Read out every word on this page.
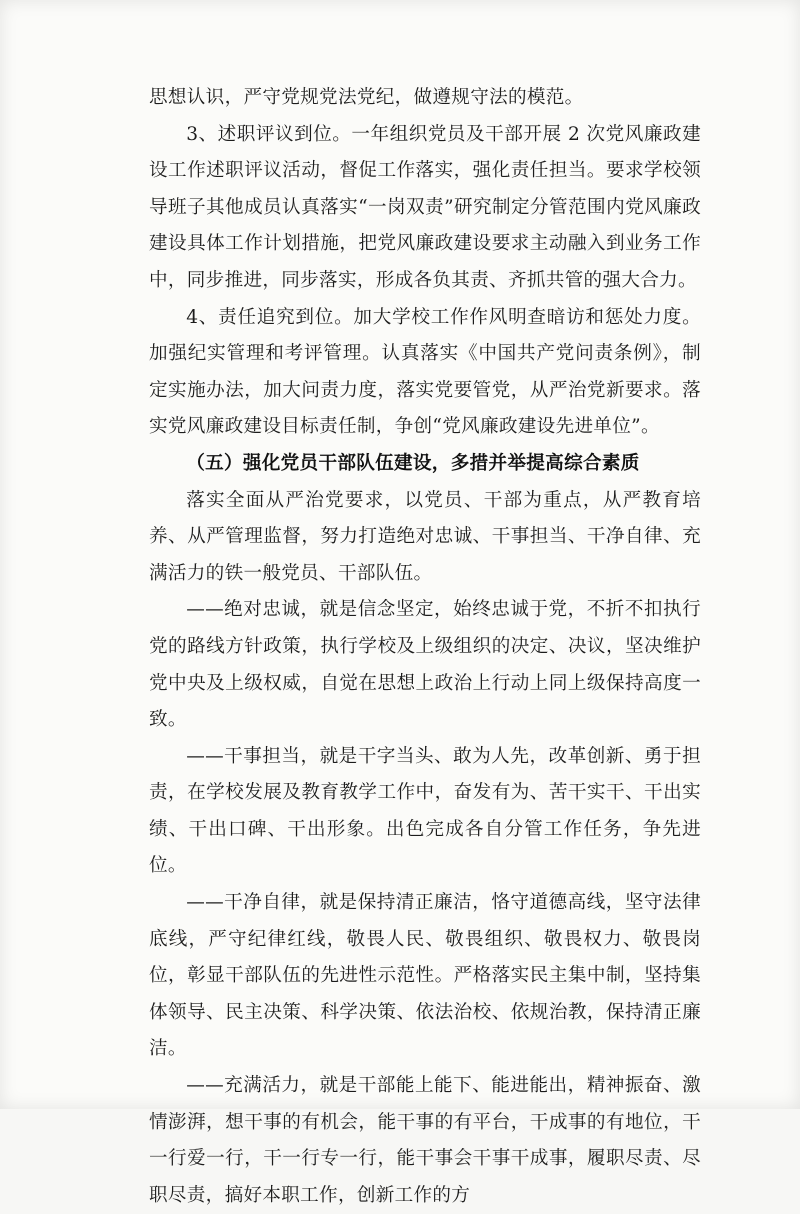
思想认识，严守党规党法党纪，做遵规守法的模范。

3、述职评议到位。一年组织党员及干部开展 2 次党风廉政建设工作述职评议活动，督促工作落实，强化责任担当。要求学校领导班子其他成员认真落实“一岗双责”研究制定分管范围内党风廉政建设具体工作计划措施，把党风廉政建设要求主动融入到业务工作中，同步推进，同步落实，形成各负其责、齐抓共管的强大合力。

4、责任追究到位。加大学校工作作风明查暗访和惩处力度。加强纪实管理和考评管理。认真落实《中国共产党问责条例》，制定实施办法，加大问责力度，落实党要管党，从严治党新要求。落实党风廉政建设目标责任制，争创“党风廉政建设先进单位”。

（五）强化党员干部队伍建设，多措并举提高综合素质

落实全面从严治党要求，以党员、干部为重点，从严教育培养、从严管理监督，努力打造绝对忠诚、干事担当、干净自律、充满活力的铁一般党员、干部队伍。

——绝对忠诚，就是信念坚定，始终忠诚于党，不折不扣执行党的路线方针政策，执行学校及上级组织的决定、决议，坚决维护党中央及上级权威，自觉在思想上政治上行动上同上级保持高度一致。

——干事担当，就是干字当头、敢为人先，改革创新、勇于担责，在学校发展及教育教学工作中，奋发有为、苦干实干、干出实绩、干出口碑、干出形象。出色完成各自分管工作任务，争先进位。

——干净自律，就是保持清正廉洁，恪守道德高线，坚守法律底线，严守纪律红线，敬畏人民、敬畏组织、敬畏权力、敬畏岗位，彰显干部队伍的先进性示范性。严格落实民主集中制，坚持集体领导、民主决策、科学决策、依法治校、依规治教，保持清正廉洁。

——充满活力，就是干部能上能下、能进能出，精神振奋、激情澎湃，想干事的有机会，能干事的有平台，干成事的有地位，干一行爱一行，干一行专一行，能干事会干事干成事，履职尽责、尽职尽责，搞好本职工作，创新工作的方
